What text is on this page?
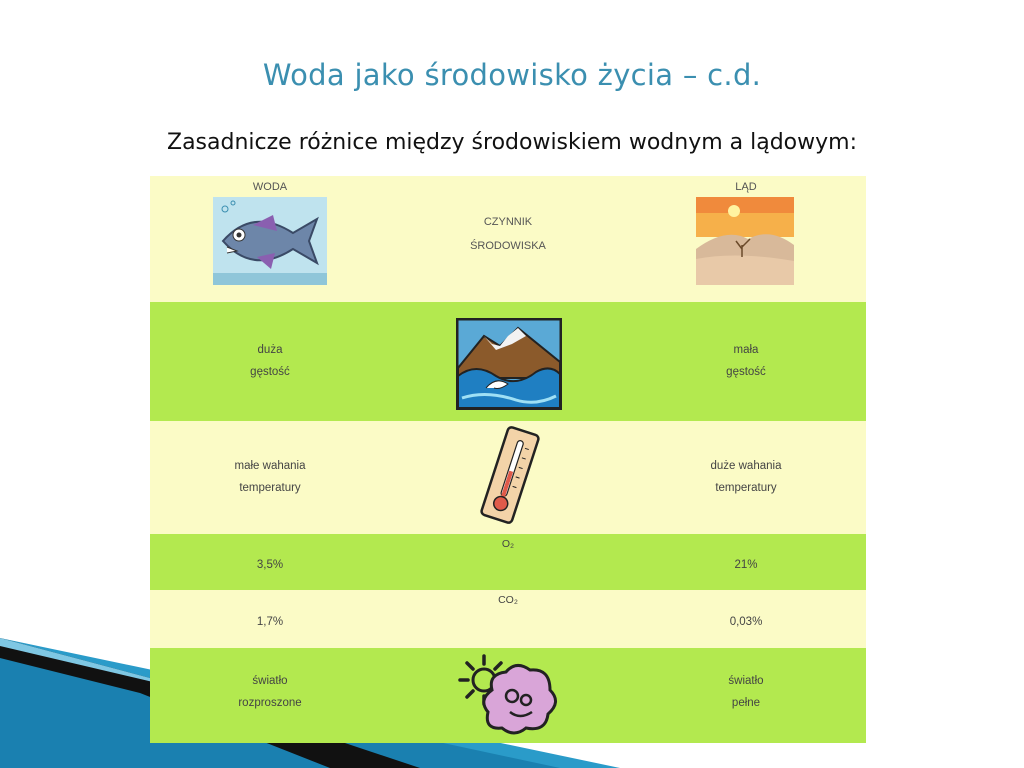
Woda jako środowisko życia – c.d.
Zasadnicze różnice między środowiskiem wodnym a lądowym:
WODA
CZYNNIK
ŚRODOWISKA
LĄD
duża
gęstość
mała
gęstość
małe wahania
temperatury
duże wahania
temperatury
O₂
3,5%	21%
CO₂
1,7%	0,03%
światło
rozproszone
światło
pełne
